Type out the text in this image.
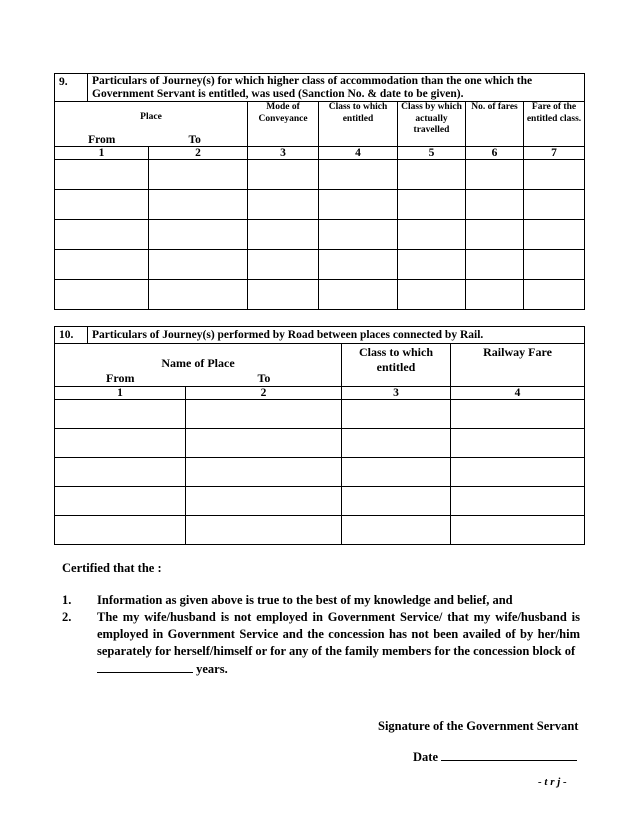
9.	Particulars of Journey(s) for which higher class of accommodation than the one which the Government Servant is entitled, was used (Sanction No. & date to be given).						
Place			Mode of Conveyance	Class to which entitled	Class by which actually travelled	No. of fares	Fare of the entitled class.
From		To					
1		2	3	4	5	6	7

10.	Particulars of Journey(s) performed by Road between places connected by Rail.			
Name of Place			Class to which entitled	Railway Fare
From		To		
1		2	3	4

Certified that the :
1. Information as given above is true to the best of my knowledge and belief, and
2. The my wife/husband is not employed in Government Service/ that my wife/husband is employed in Government Service and the concession has not been availed of by her/him separately for herself/himself or for any of the family members for the concession block of
years.
Signature of the Government Servant
Date
- t r j -
